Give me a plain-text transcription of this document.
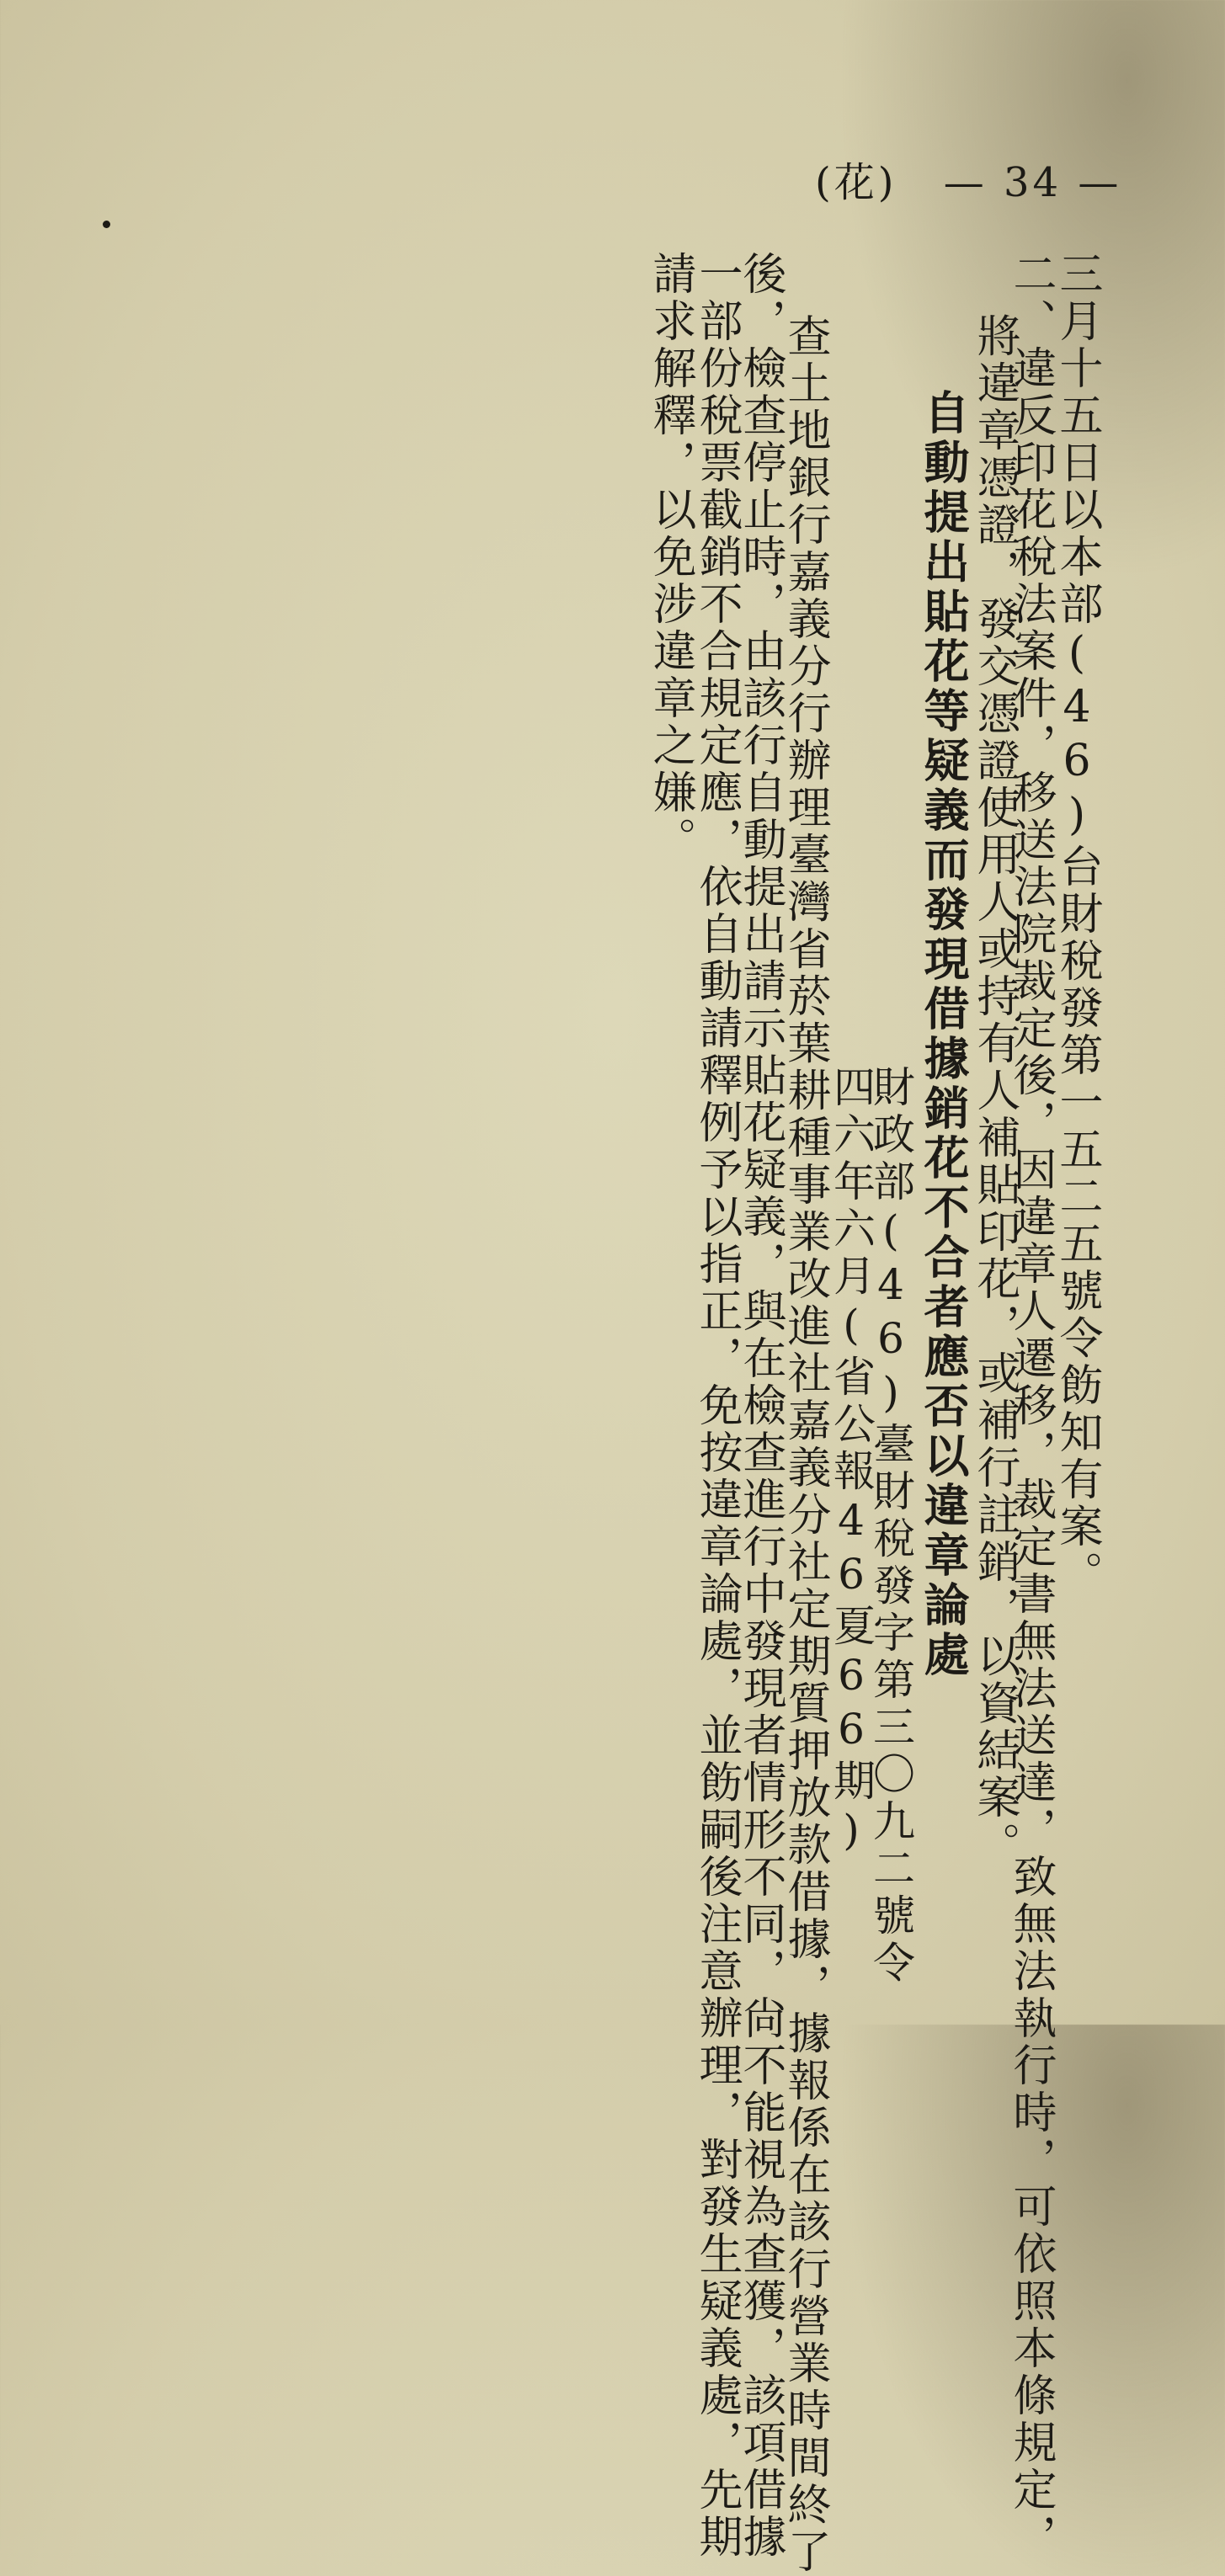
(花) — 34 —
三月十五日以本部(46)台財稅發第一五二五號令飭知有案。
二、違反印花稅法案件，移送法院裁定後，因違章人遷移，裁定書無法送達，致無法執行時，可依照本條規定，
將違章憑證，發交憑證使用人或持有人補貼印花，或補行註銷，以資結案。
自動提出貼花等疑義而發現借據銷花不合者應否以違章論處
財政部(46)臺財稅發字第三〇九二號令
四六年六月(省公報46夏66期)
查土地銀行嘉義分行辦理臺灣省菸葉耕種事業改進社嘉義分社定期質押放款借據，據報係在該行營業時間終了
後，檢查停止時，由該行自動提出請示貼花疑義，與在檢查進行中發現者情形不同，尙不能視為查獲，該項借據
一部份稅票截銷不合規定應，依自動請釋例予以指正，免按違章論處，並飭嗣後注意辦理，對發生疑義處，先期
請求解釋，以免涉違章之嫌。
